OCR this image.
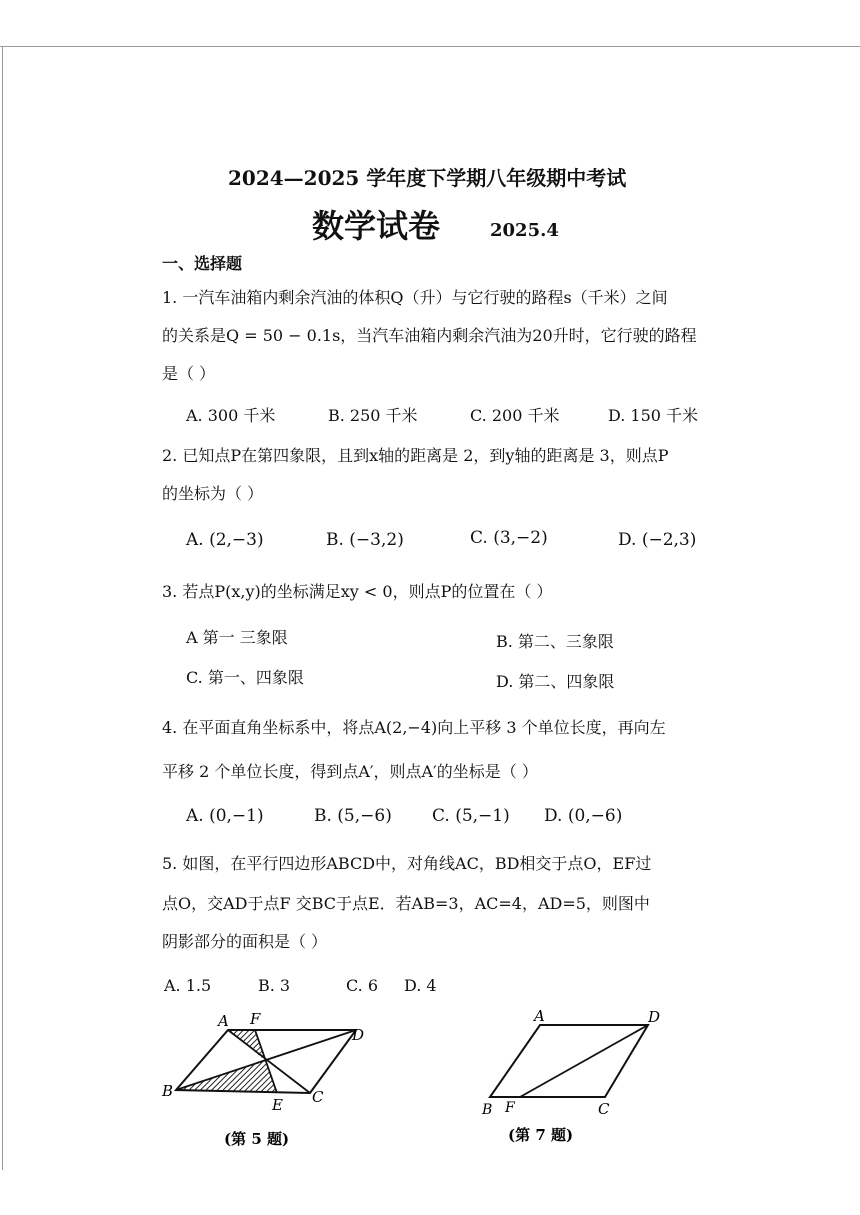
2024—2025 学年度下学期八年级期中考试
数学试卷	2025.4
一、选择题
1. 一汽车油箱内剩余汽油的体积Q（升）与它行驶的路程s（千米）之间
的关系是Q = 50 − 0.1s，当汽车油箱内剩余汽油为20升时，它行驶的路程
是（ ）
A. 300 千米	B. 250 千米	C. 200 千米	D. 150 千米
2. 已知点P在第四象限，且到x轴的距离是 2，到y轴的距离是 3，则点P
的坐标为（ ）
A. (2,−3)	B. (−3,2)	C. (3,−2)	D. (−2,3)
3. 若点P(x,y)的坐标满足xy < 0，则点P的位置在（ ）
A 第一 三象限	B. 第二、三象限
C. 第一、四象限	D. 第二、四象限
4. 在平面直角坐标系中，将点A(2,−4)向上平移 3 个单位长度，再向左
平移 2 个单位长度，得到点A′，则点A′的坐标是（ ）
A. (0,−1)	B. (5,−6) C. (5,−1) D. (0,−6)
5. 如图，在平行四边形ABCD中，对角线AC，BD相交于点O，EF过
点O，交AD于点F 交BC于点E．若AB=3，AC=4，AD=5，则图中
阴影部分的面积是（ ）
A. 1.5	B. 3	C. 6 D. 4
A F
D
B
E C
(第 5 题)
A	D
B F	C
(第 7 题)
